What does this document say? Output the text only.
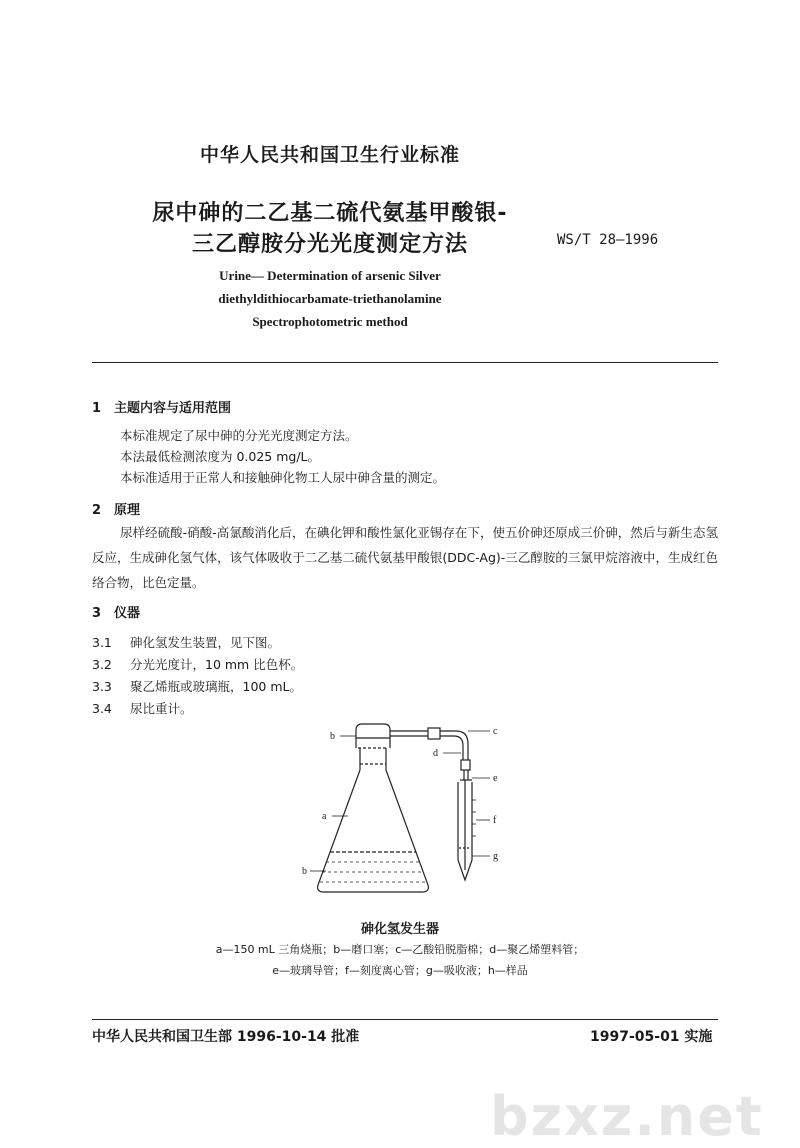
中华人民共和国卫生行业标准
尿中砷的二乙基二硫代氨基甲酸银-
三乙醇胺分光光度测定方法	WS/T 28—1996
Urine— Determination of arsenic Silver
diethyldithiocarbamate-triethanolamine
Spectrophotometric method
1 主题内容与适用范围
本标准规定了尿中砷的分光光度测定方法。
本法最低检测浓度为 0.025 mg/L。
本标准适用于正常人和接触砷化物工人尿中砷含量的测定。
2 原理
尿样经硫酸-硝酸-高氯酸消化后，在碘化钾和酸性氯化亚锡存在下，使五价砷还原成三价砷，然后与新生态氢反应，生成砷化氢气体，该气体吸收于二乙基二硫代氨基甲酸银(DDC-Ag)-三乙醇胺的三氯甲烷溶液中，生成红色络合物，比色定量。
3 仪器
3.1 砷化氢发生装置，见下图。
3.2 分光光度计，10 mm 比色杯。
3.3 聚乙烯瓶或玻璃瓶，100 mL。
3.4 尿比重计。
b	c
d
e
a	f
b
g
砷化氢发生器
a—150 mL 三角烧瓶；b—磨口塞；c—乙酸铅脱脂棉；d—聚乙烯塑料管；
e—玻璃导管；f—刻度离心管；g—吸收液；h—样品
bzxz.net
中华人民共和国卫生部 1996-10-14 批准	1997-05-01 实施
